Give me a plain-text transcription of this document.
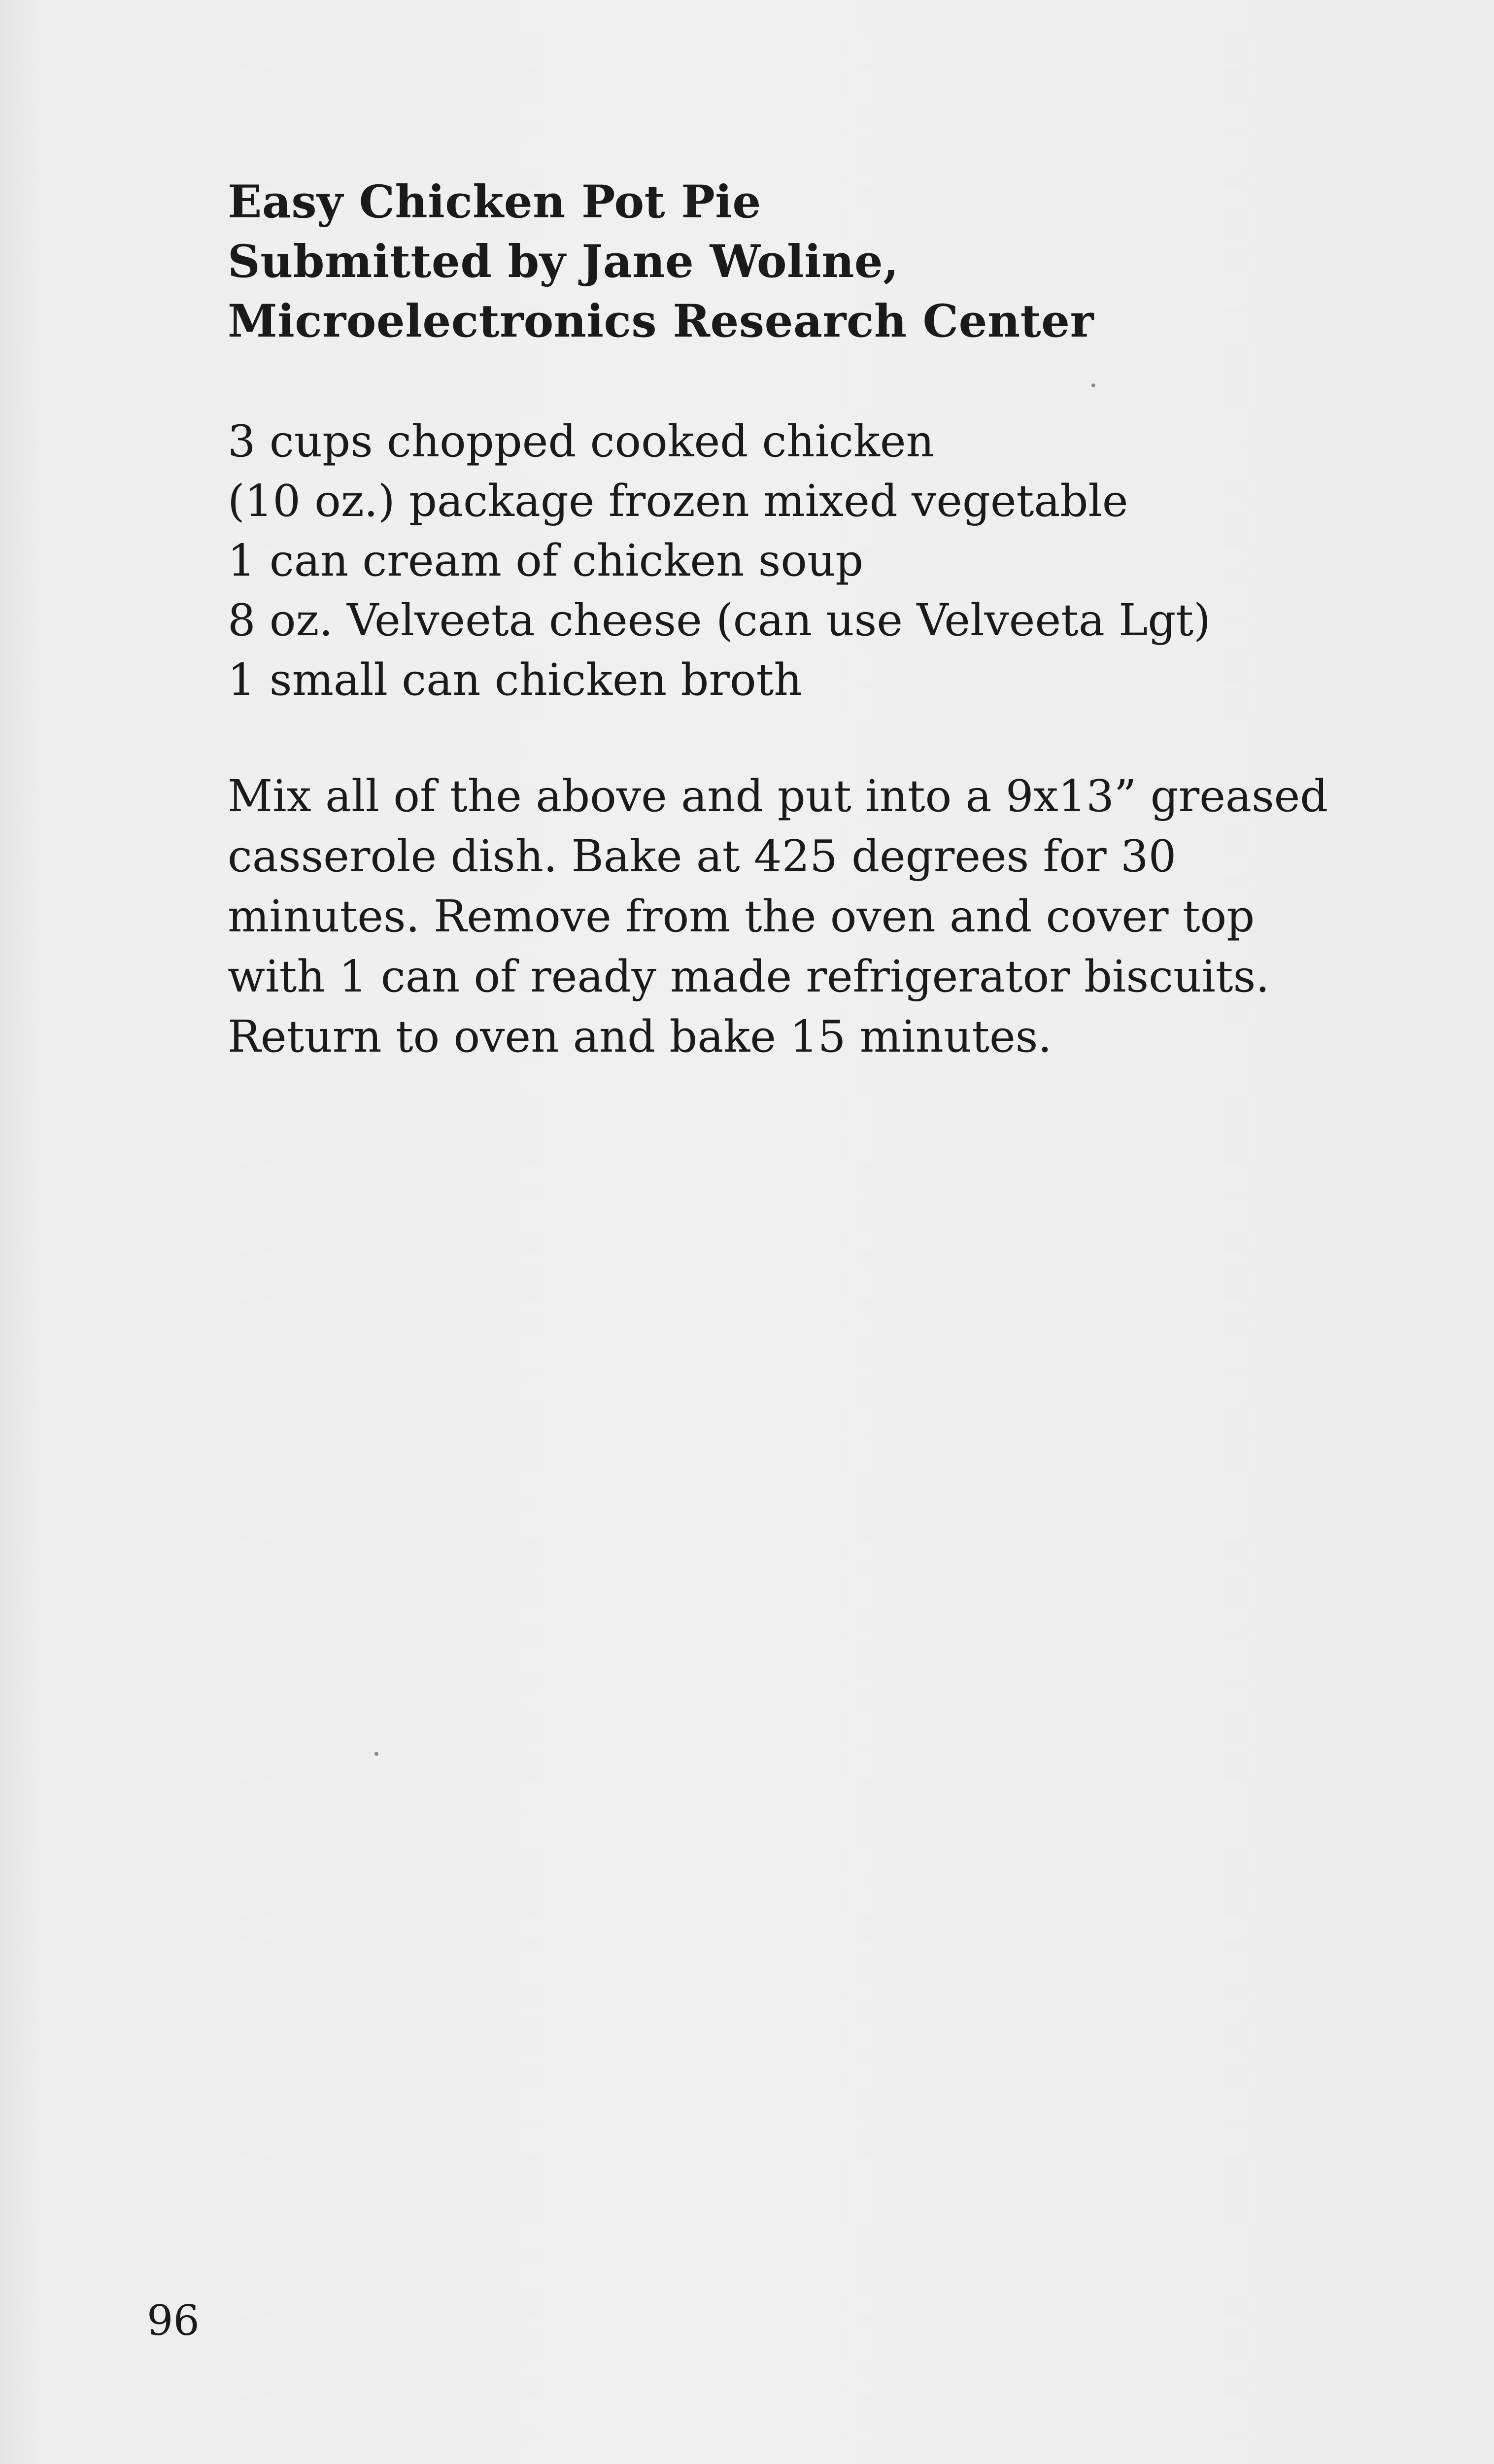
Easy Chicken Pot Pie
Submitted by Jane Woline,
Microelectronics Research Center
3 cups chopped cooked chicken
(10 oz.) package frozen mixed vegetable
1 can cream of chicken soup
8 oz. Velveeta cheese (can use Velveeta Lgt)
1 small can chicken broth
Mix all of the above and put into a 9x13” greased
casserole dish. Bake at 425 degrees for 30
minutes. Remove from the oven and cover top
with 1 can of ready made refrigerator biscuits.
Return to oven and bake 15 minutes.
96
